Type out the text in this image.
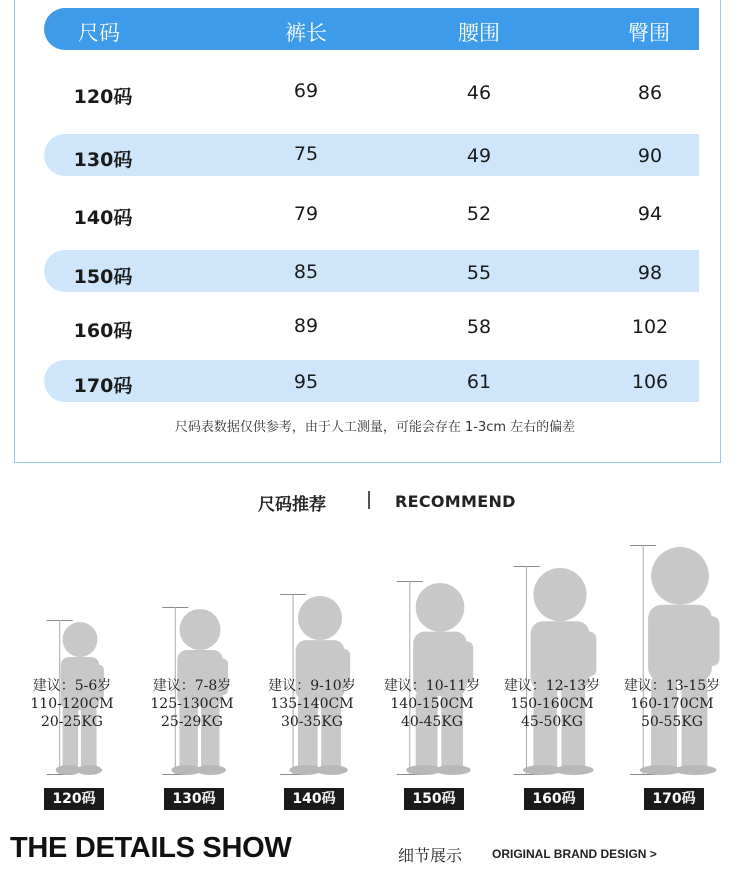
尺码	裤长	腰围	臀围
120码	69	46	86
130码	75	49	90
140码	79	52	94
150码	85	55	98
160码	89	58	102
170码	95	61	106
尺码表数据仅供参考，由于人工测量，可能会存在 1-3cm 左右的偏差
尺码推荐	RECOMMEND
建议：5-6岁
110-120CM
20-25KG
120码
建议：7-8岁
125-130CM
25-29KG
130码
建议：9-10岁
135-140CM
30-35KG
140码
建议：10-11岁
140-150CM
40-45KG
150码
建议：12-13岁
150-160CM
45-50KG
160码
建议：13-15岁
160-170CM
50-55KG
170码
THE DETAILS SHOW	细节展示 ORIGINAL BRAND DESIGN >
